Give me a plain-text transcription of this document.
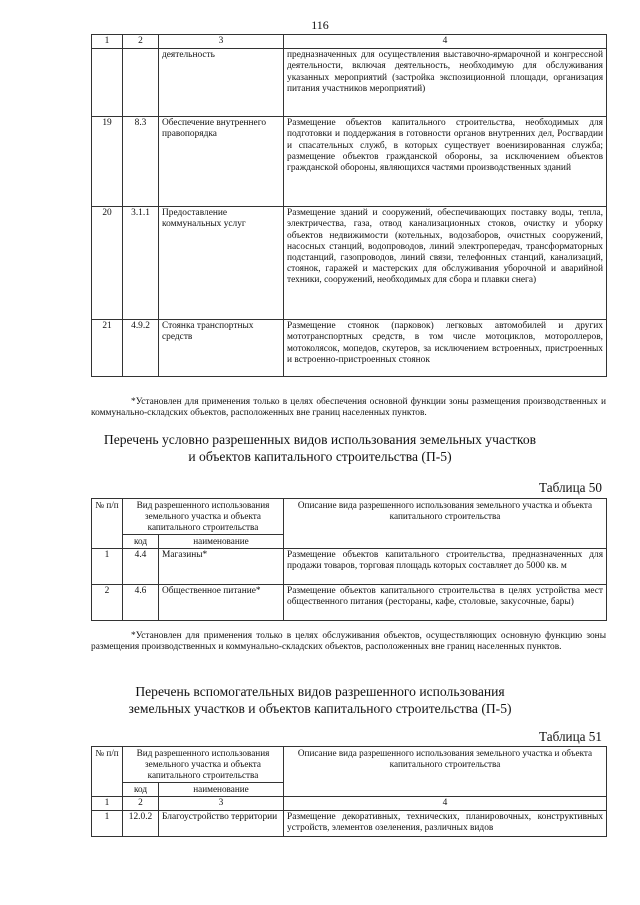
116
1	2	3	4
		деятельность	предназначенных для осуществления выставочно-ярмарочной и конгрессной деятельности, включая деятельность, необходимую для обслуживания указанных мероприятий (застройка экспозиционной площади, организация питания участников мероприятий)
19	8.3	Обеспечение внутреннего правопорядка	Размещение объектов капитального строительства, необходимых для подготовки и поддержания в готовности органов внутренних дел, Росгвардии и спасательных служб, в которых существует военизированная служба; размещение объектов гражданской обороны, за исключением объектов гражданской обороны, являющихся частями производственных зданий
20	3.1.1	Предоставление коммунальных услуг	Размещение зданий и сооружений, обеспечивающих поставку воды, тепла, электричества, газа, отвод канализационных стоков, очистку и уборку объектов недвижимости (котельных, водозаборов, очистных сооружений, насосных станций, водопроводов, линий электропередач, трансформаторных подстанций, газопроводов, линий связи, телефонных станций, канализаций, стоянок, гаражей и мастерских для обслуживания уборочной и аварийной техники, сооружений, необходимых для сбора и плавки снега)
21	4.9.2	Стоянка транспортных средств	Размещение стоянок (парковок) легковых автомобилей и других мототранспортных средств, в том числе мотоциклов, мотороллеров, мотоколясок, мопедов, скутеров, за исключением встроенных, пристроенных и встроенно-пристроенных стоянок
*Установлен для применения только в целях обеспечения основной функции зоны размещения производственных и коммунально-складских объектов, расположенных вне границ населенных пунктов.
Перечень условно разрешенных видов использования земельных участков
и объектов капитального строительства (П-5)
Таблица 50
№ п/п	Вид разрешенного использования земельного участка и объекта капитального строительства		Описание вида разрешенного использования земельного участка и объекта капитального строительства
	код	наименование	
1	4.4	Магазины*	Размещение объектов капитального строительства, предназначенных для продажи товаров, торговая площадь которых составляет до 5000 кв. м
2	4.6	Общественное питание*	Размещение объектов капитального строительства в целях устройства мест общественного питания (рестораны, кафе, столовые, закусочные, бары)
*Установлен для применения только в целях обслуживания объектов, осуществляющих основную функцию зоны размещения производственных и коммунально-складских объектов, расположенных вне границ населенных пунктов.
Перечень вспомогательных видов разрешенного использования
земельных участков и объектов капитального строительства (П-5)
Таблица 51
№ п/п	Вид разрешенного использования земельного участка и объекта капитального строительства		Описание вида разрешенного использования земельного участка и объекта капитального строительства
	код	наименование	
1	2	3	4
1	12.0.2	Благоустройство территории	Размещение декоративных, технических, планировочных, конструктивных устройств, элементов озеленения, различных видов
